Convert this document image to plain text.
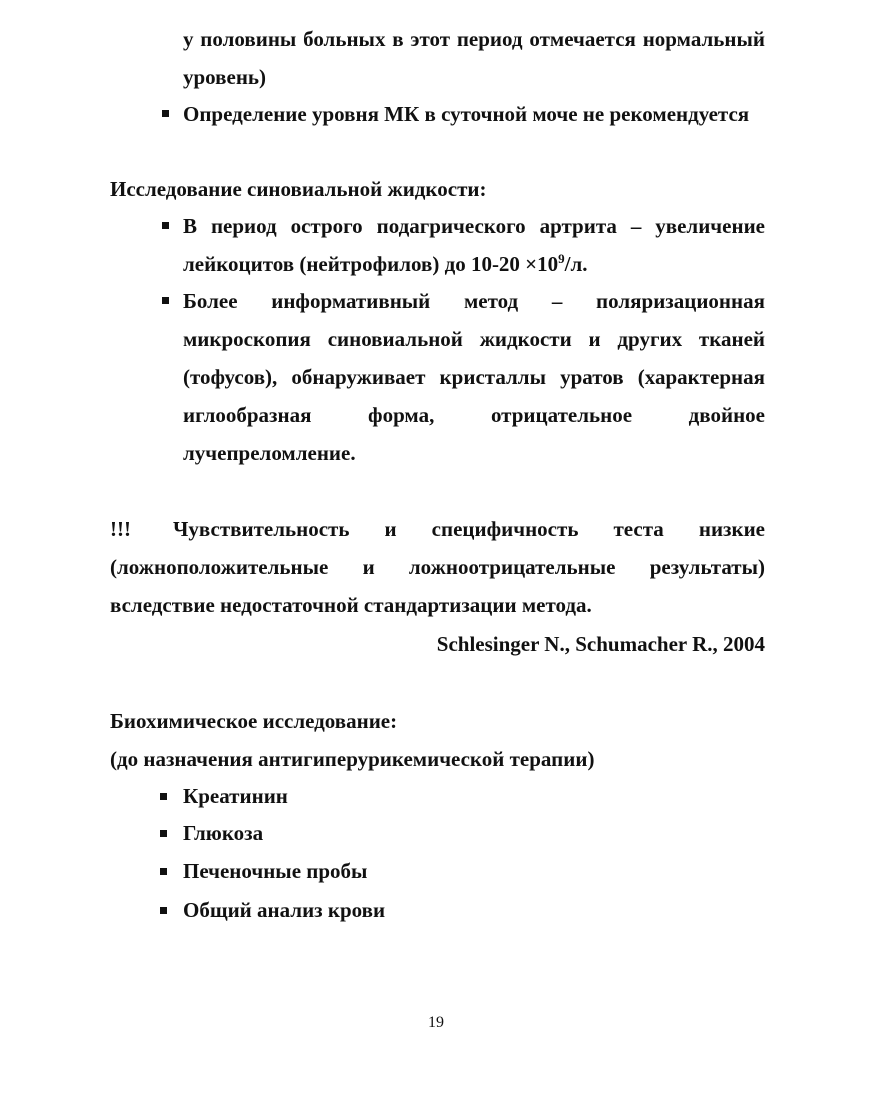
у половины больных в этот период отмечается нормальный уровень)
Определение уровня МК в суточной моче не рекомендуется
Исследование синовиальной жидкости:
В период острого подагрического артрита – увеличение лейкоцитов (нейтрофилов) до $10-20 \times 10^9/л$.
Более информативный метод – поляризационная микроскопия синовиальной жидкости и других тканей (тофусов), обнаруживает кристаллы уратов (характерная иглообразная форма, отрицательное двойное лучепреломление.
!!! Чувствительность и специфичность теста низкие (ложноположительные и ложноотрицательные результаты) вследствие недостаточной стандартизации метода.
Schlesinger N., Schumacher R., 2004
Биохимическое исследование:
(до назначения антигиперурикемической терапии)
Креатинин
Глюкоза
Печеночные пробы
Общий анализ крови
19
